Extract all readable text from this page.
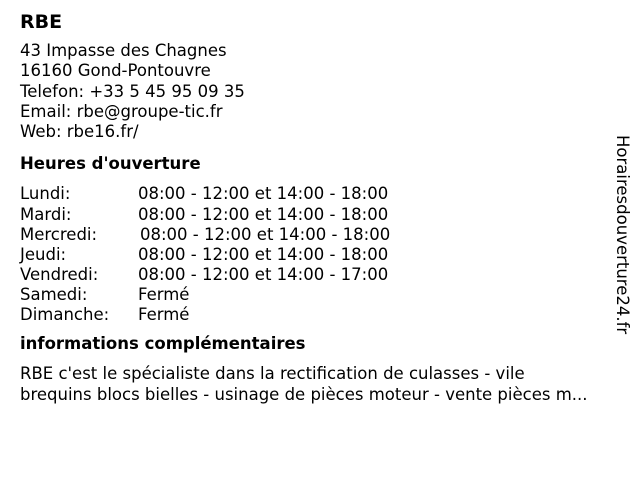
RBE
43 Impasse des Chagnes
16160 Gond-Pontouvre
Telefon: +33 5 45 95 09 35
Email: rbe@groupe-tic.fr
Web: rbe16.fr/
Heures d'ouverture
Lundi:	08:00 - 12:00 et 14:00 - 18:00
Mardi:	08:00 - 12:00 et 14:00 - 18:00
Mercredi:	08:00 - 12:00 et 14:00 - 18:00
Jeudi:	08:00 - 12:00 et 14:00 - 18:00
Vendredi: 08:00 - 12:00 et 14:00 - 17:00
Samedi:	Fermé
Dimanche: Fermé
informations complémentaires
RBE c'est le spécialiste dans la rectification de culasses - vile
brequins blocs bielles - usinage de pièces moteur - vente pièces m...
Horairesdouverture24.fr
